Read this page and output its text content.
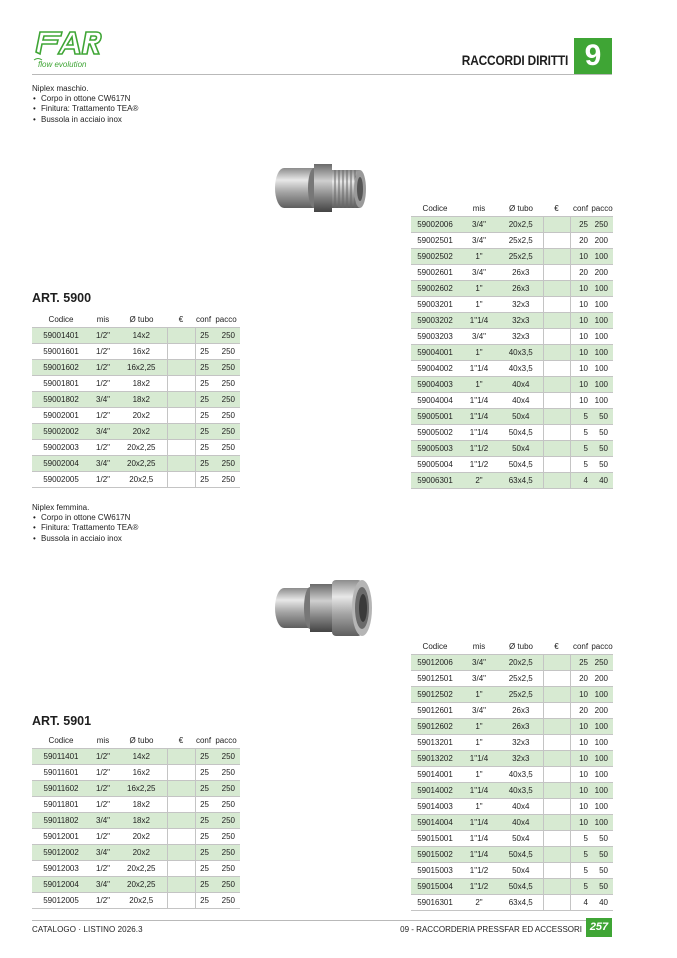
flow evolution	RACCORDI DIRITTI 9
Niplex maschio.
• Corpo in ottone CW617N
• Finitura: Trattamento TEA®
• Bussola in acciaio inox
ART. 5900
Codice	mis	Ø tubo	€	conf	pacco
59001401	1/2"	14x2		25	250
59001601	1/2"	16x2		25	250
59001602	1/2"	16x2,25		25	250
59001801	1/2"	18x2		25	250
59001802	3/4"	18x2		25	250
59002001	1/2"	20x2		25	250
59002002	3/4"	20x2		25	250
59002003	1/2"	20x2,25		25	250
59002004	3/4"	20x2,25		25	250
59002005	1/2"	20x2,5		25	250
Codice	mis	Ø tubo	€	conf	pacco
59002006	3/4"	20x2,5		25	250
59002501	3/4"	25x2,5		20	200
59002502	1"	25x2,5		10	100
59002601	3/4"	26x3		20	200
59002602	1"	26x3		10	100
59003201	1"	32x3		10	100
59003202	1"1/4	32x3		10	100
59003203	3/4"	32x3		10	100
59004001	1"	40x3,5		10	100
59004002	1"1/4	40x3,5		10	100
59004003	1"	40x4		10	100
59004004	1"1/4	40x4		10	100
59005001	1"1/4	50x4		5	50
59005002	1"1/4	50x4,5		5	50
59005003	1"1/2	50x4		5	50
59005004	1"1/2	50x4,5		5	50
59006301	2"	63x4,5		4	40
Niplex femmina.
• Corpo in ottone CW617N
• Finitura: Trattamento TEA®
• Bussola in acciaio inox
ART. 5901
Codice	mis	Ø tubo	€	conf	pacco
59011401	1/2"	14x2		25	250
59011601	1/2"	16x2		25	250
59011602	1/2"	16x2,25		25	250
59011801	1/2"	18x2		25	250
59011802	3/4"	18x2		25	250
59012001	1/2"	20x2		25	250
59012002	3/4"	20x2		25	250
59012003	1/2"	20x2,25		25	250
59012004	3/4"	20x2,25		25	250
59012005	1/2"	20x2,5		25	250
Codice	mis	Ø tubo	€	conf	pacco
59012006	3/4"	20x2,5		25	250
59012501	3/4"	25x2,5		20	200
59012502	1"	25x2,5		10	100
59012601	3/4"	26x3		20	200
59012602	1"	26x3		10	100
59013201	1"	32x3		10	100
59013202	1"1/4	32x3		10	100
59014001	1"	40x3,5		10	100
59014002	1"1/4	40x3,5		10	100
59014003	1"	40x4		10	100
59014004	1"1/4	40x4		10	100
59015001	1"1/4	50x4		5	50
59015002	1"1/4	50x4,5		5	50
59015003	1"1/2	50x4		5	50
59015004	1"1/2	50x4,5		5	50
59016301	2"	63x4,5		4	40
CATALOGO · LISTINO 2026.3	09 - RACCORDERIA PRESSFAR ED ACCESSORI 257
